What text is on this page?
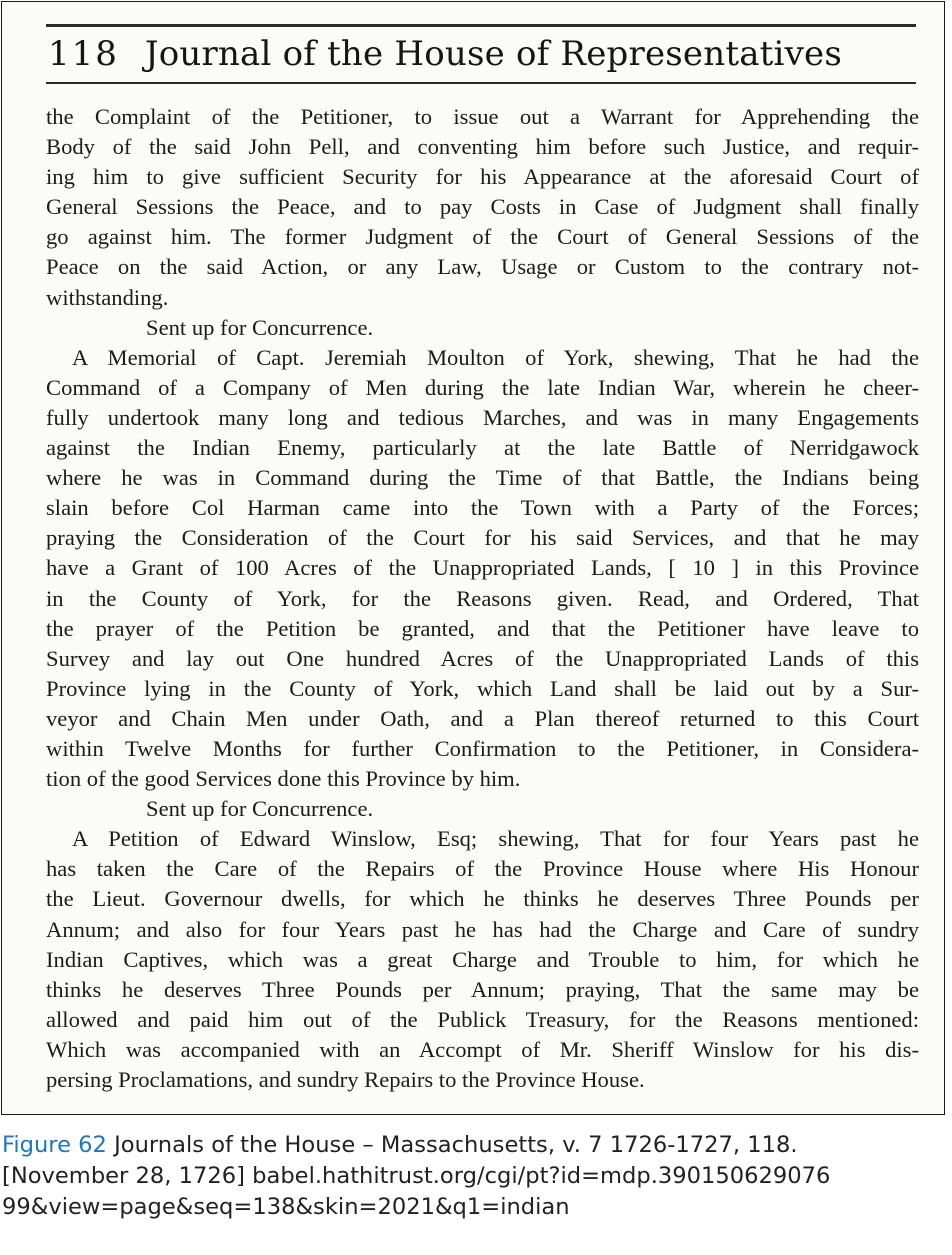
118 Journal of the House of Representatives
the Complaint of the Petitioner, to issue out a Warrant for Apprehending the
Body of the said John Pell, and conventing him before such Justice, and requir-
ing him to give sufficient Security for his Appearance at the aforesaid Court of
General Sessions the Peace, and to pay Costs in Case of Judgment shall finally
go against him. The former Judgment of the Court of General Sessions of the
Peace on the said Action, or any Law, Usage or Custom to the contrary not-
withstanding.
Sent up for Concurrence.
A Memorial of Capt. Jeremiah Moulton of York, shewing, That he had the
Command of a Company of Men during the late Indian War, wherein he cheer-
fully undertook many long and tedious Marches, and was in many Engagements
against the Indian Enemy, particularly at the late Battle of Nerridgawock
where he was in Command during the Time of that Battle, the Indians being
slain before Col Harman came into the Town with a Party of the Forces;
praying the Consideration of the Court for his said Services, and that he may
have a Grant of 100 Acres of the Unappropriated Lands, [ 10 ] in this Province
in the County of York, for the Reasons given. Read, and Ordered, That
the prayer of the Petition be granted, and that the Petitioner have leave to
Survey and lay out One hundred Acres of the Unappropriated Lands of this
Province lying in the County of York, which Land shall be laid out by a Sur-
veyor and Chain Men under Oath, and a Plan thereof returned to this Court
within Twelve Months for further Confirmation to the Petitioner, in Considera-
tion of the good Services done this Province by him.
Sent up for Concurrence.
A Petition of Edward Winslow, Esq; shewing, That for four Years past he
has taken the Care of the Repairs of the Province House where His Honour
the Lieut. Governour dwells, for which he thinks he deserves Three Pounds per
Annum; and also for four Years past he has had the Charge and Care of sundry
Indian Captives, which was a great Charge and Trouble to him, for which he
thinks he deserves Three Pounds per Annum; praying, That the same may be
allowed and paid him out of the Publick Treasury, for the Reasons mentioned:
Which was accompanied with an Accompt of Mr. Sheriff Winslow for his dis-
persing Proclamations, and sundry Repairs to the Province House.
Figure 62 Journals of the House – Massachusetts, v. 7 1726-1727, 118.
[November 28, 1726] babel.hathitrust.org/cgi/pt?id=mdp.390150629076
99&view=page&seq=138&skin=2021&q1=indian
